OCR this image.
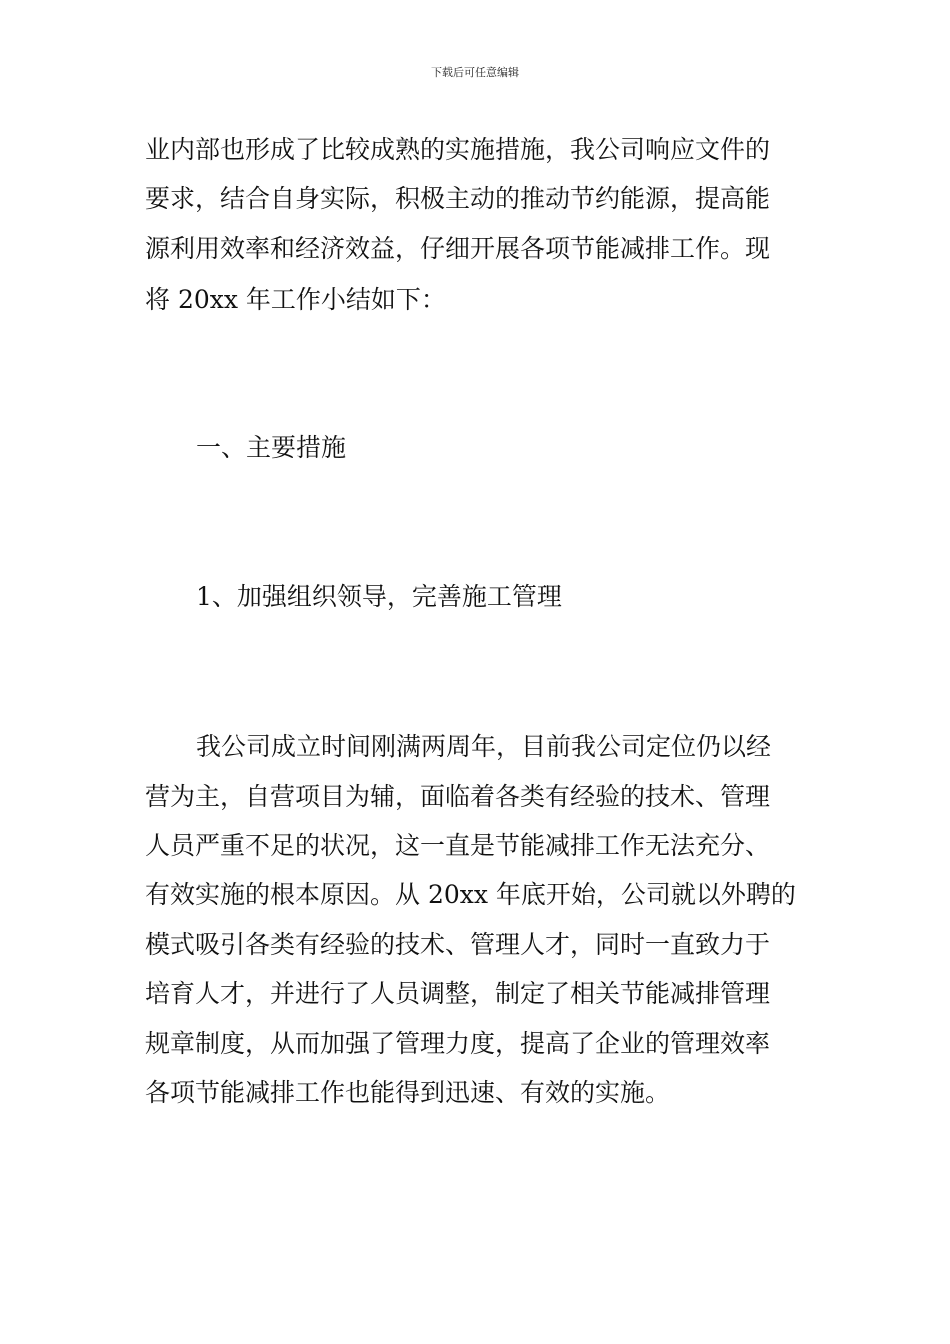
下载后可任意编辑
业内部也形成了比较成熟的实施措施，我公司响应文件的
要求，结合自身实际，积极主动的推动节约能源，提高能
源利用效率和经济效益，仔细开展各项节能减排工作。现
将 20xx 年工作小结如下：
一、主要措施
1、加强组织领导，完善施工管理
我公司成立时间刚满两周年，目前我公司定位仍以经
营为主，自营项目为辅，面临着各类有经验的技术、管理
人员严重不足的状况，这一直是节能减排工作无法充分、
有效实施的根本原因。从 20xx 年底开始，公司就以外聘的
模式吸引各类有经验的技术、管理人才，同时一直致力于
培育人才，并进行了人员调整，制定了相关节能减排管理
规章制度，从而加强了管理力度，提高了企业的管理效率
各项节能减排工作也能得到迅速、有效的实施。
